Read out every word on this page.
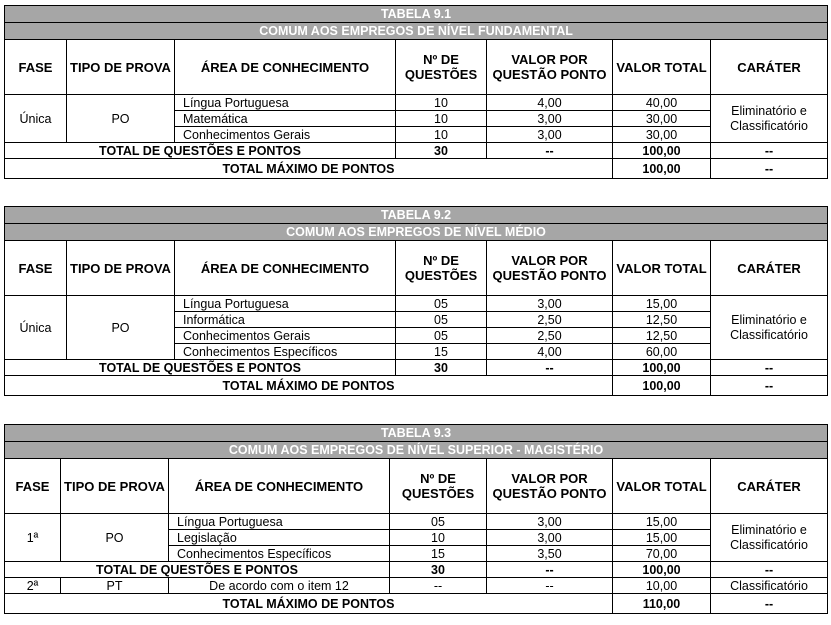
TABELA 9.1						
COMUM AOS EMPREGOS DE NÍVEL FUNDAMENTAL						
FASE	TIPO DE PROVA	ÁREA DE CONHECIMENTO	Nº DE QUESTÕES	VALOR POR QUESTÃO PONTO	VALOR TOTAL	CARÁTER
Única	PO	Língua Portuguesa	10	4,00	40,00	Eliminatório e Classificatório
		Matemática	10	3,00	30,00	
		Conhecimentos Gerais	10	3,00	30,00	
TOTAL DE QUESTÕES E PONTOS			30	--	100,00	--
TOTAL MÁXIMO DE PONTOS					100,00	--
TABELA 9.2						
COMUM AOS EMPREGOS DE NÍVEL MÉDIO						
FASE	TIPO DE PROVA	ÁREA DE CONHECIMENTO	Nº DE QUESTÕES	VALOR POR QUESTÃO PONTO	VALOR TOTAL	CARÁTER
Única	PO	Língua Portuguesa	05	3,00	15,00	Eliminatório e Classificatório
		Informática	05	2,50	12,50	
		Conhecimentos Gerais	05	2,50	12,50	
		Conhecimentos Específicos	15	4,00	60,00	
TOTAL DE QUESTÕES E PONTOS			30	--	100,00	--
TOTAL MÁXIMO DE PONTOS					100,00	--
TABELA 9.3						
COMUM AOS EMPREGOS DE NÍVEL SUPERIOR - MAGISTÉRIO						
FASE	TIPO DE PROVA	ÁREA DE CONHECIMENTO	Nº DE QUESTÕES	VALOR POR QUESTÃO PONTO	VALOR TOTAL	CARÁTER
1ª	PO	Língua Portuguesa	05	3,00	15,00	Eliminatório e Classificatório
		Legislação	10	3,00	15,00	
		Conhecimentos Específicos	15	3,50	70,00	
TOTAL DE QUESTÕES E PONTOS			30	--	100,00	--
2ª	PT	De acordo com o item 12	--	--	10,00	Classificatório
TOTAL MÁXIMO DE PONTOS					110,00	--
